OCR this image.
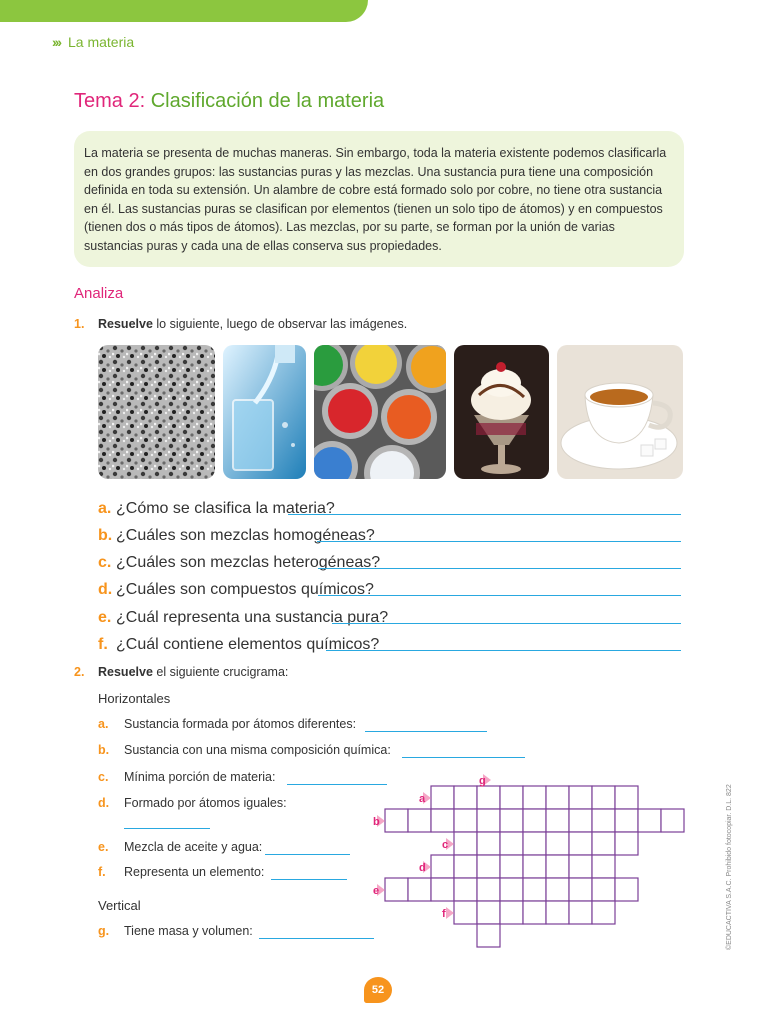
››› La materia
Tema 2: Clasificación de la materia
La materia se presenta de muchas maneras. Sin embargo, toda la materia existente podemos clasificarla en dos grandes grupos: las sustancias puras y las mezclas. Una sustancia pura tiene una composición definida en toda su extensión. Un alambre de cobre está formado solo por cobre, no tiene otra sustancia en él. Las sustancias puras se clasifican por elementos (tienen un solo tipo de átomos) y en compuestos (tienen dos o más tipos de átomos). Las mezclas, por su parte, se forman por la unión de varias sustancias puras y cada una de ellas conserva sus propiedades.
Analiza
1. Resuelve lo siguiente, luego de observar las imágenes.
a. ¿Cómo se clasifica la materia?
b. ¿Cuáles son mezclas homogéneas?
c. ¿Cuáles son mezclas heterogéneas?
d. ¿Cuáles son compuestos químicos?
e. ¿Cuál representa una sustancia pura?
f. ¿Cuál contiene elementos químicos?
2. Resuelve el siguiente crucigrama:
Horizontales
a. Sustancia formada por átomos diferentes:
b. Sustancia con una misma composición química:
c. Mínima porción de materia:
d. Formado por átomos iguales:
e. Mezcla de aceite y agua:
f. Representa un elemento:
Vertical
g. Tiene masa y volumen:
a
b
c
d
e
f
g
©EDUCACTIVA S.A.C. Prohibido fotocopiar. D.L. 822
52
